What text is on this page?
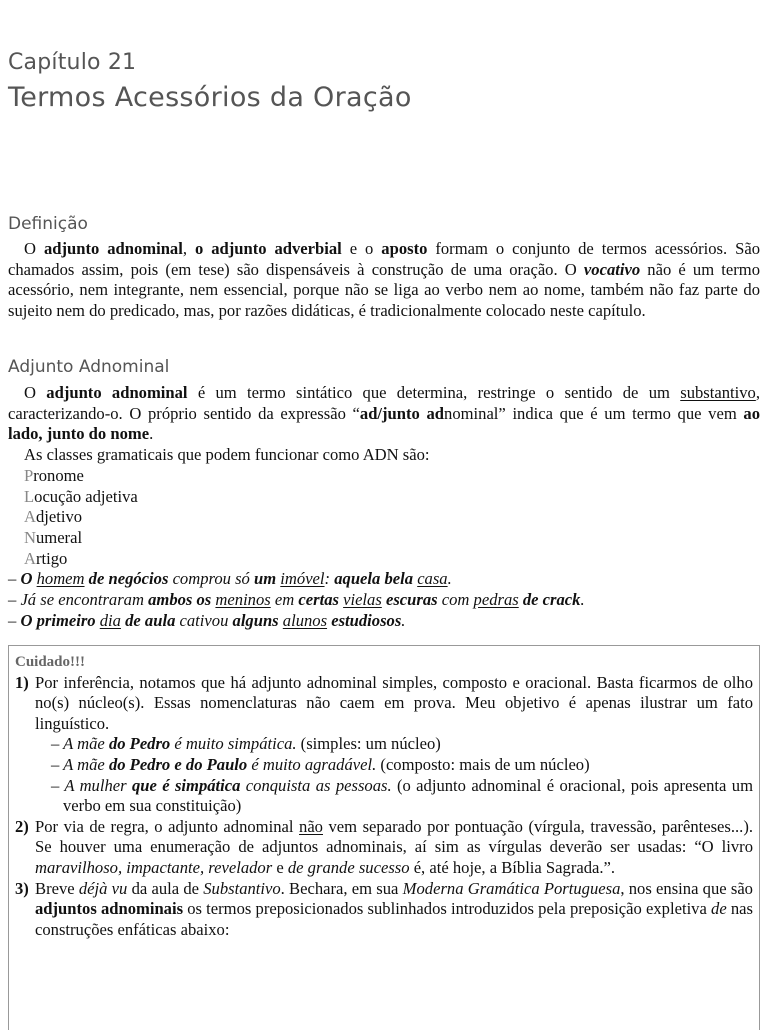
Capítulo 21
Termos Acessórios da Oração
Definição

O adjunto adnominal, o adjunto adverbial e o aposto formam o conjunto de termos acessórios. São chamados assim, pois (em tese) são dispensáveis à construção de uma oração. O vocativo não é um termo acessório, nem integrante, nem essencial, porque não se liga ao verbo nem ao nome, também não faz parte do sujeito nem do predicado, mas, por razões didáticas, é tradicionalmente colocado neste capítulo.

Adjunto Adnominal

O adjunto adnominal é um termo sintático que determina, restringe o sentido de um substantivo, caracterizando-o. O próprio sentido da expressão “ad/junto adnominal” indica que é um termo que vem ao lado, junto do nome.

As classes gramaticais que podem funcionar como ADN são:

Pronome
Locução adjetiva
Adjetivo
Numeral
Artigo
– O homem de negócios comprou só um imóvel: aquela bela casa.
– Já se encontraram ambos os meninos em certas vielas escuras com pedras de crack.
– O primeiro dia de aula cativou alguns alunos estudiosos.
Cuidado!!!
1) Por inferência, notamos que há adjunto adnominal simples, composto e oracional. Basta ficarmos de olho no(s) núcleo(s). Essas nomenclaturas não caem em prova. Meu objetivo é apenas ilustrar um fato linguístico.
– A mãe do Pedro é muito simpática. (simples: um núcleo)
– A mãe do Pedro e do Paulo é muito agradável. (composto: mais de um núcleo)
– A mulher que é simpática conquista as pessoas. (o adjunto adnominal é oracional, pois apresenta um verbo em sua constituição)
2) Por via de regra, o adjunto adnominal não vem separado por pontuação (vírgula, travessão, parênteses...). Se houver uma enumeração de adjuntos adnominais, aí sim as vírgulas deverão ser usadas: “O livro maravilhoso, impactante, revelador e de grande sucesso é, até hoje, a Bíblia Sagrada.”.
3) Breve déjà vu da aula de Substantivo. Bechara, em sua Moderna Gramática Portuguesa, nos ensina que são adjuntos adnominais os termos preposicionados sublinhados introduzidos pela preposição expletiva de nas construções enfáticas abaixo:
